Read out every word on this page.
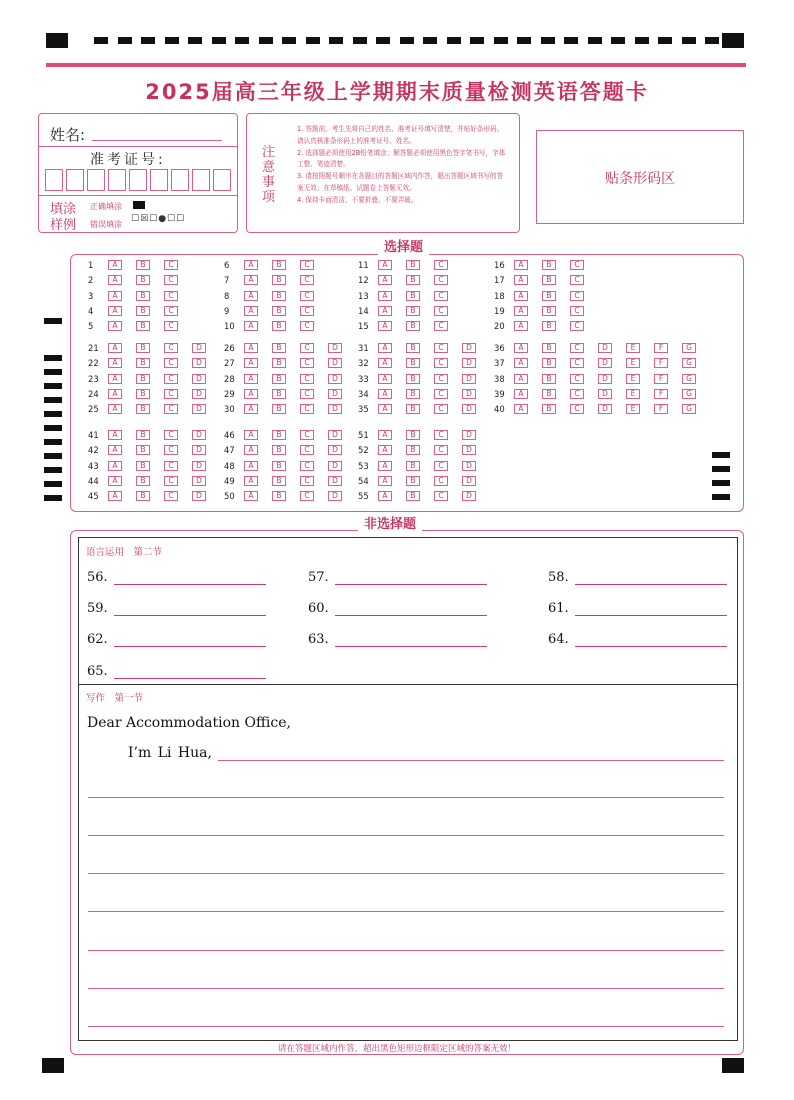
2025届高三年级上学期期末质量检测英语答题卡
姓名:
准考证号:
填涂
样例
正确填涂
错误填涂
☐☒☐●☐☐
注意事项
1. 答题前，考生先将自己的姓名、准考证号填写清楚，并贴好条形码。请认真核准条形码上的准考证号、姓名。
2. 选择题必须使用2B铅笔填涂；解答题必须使用黑色签字笔书写，字体工整、笔迹清楚。
3. 请按照题号顺序在各题目的答题区域内作答，超出答题区域书写的答案无效；在草稿纸、试题卷上答题无效。
4. 保持卡面清洁，不要折叠、不要弄破。
贴条形码区
选择题
1	A	B	C
2	A	B	C
3	A	B	C
4	A	B	C
5	A	B	C
6	A	B	C
7	A	B	C
8	A	B	C
9	A	B	C
10	A	B	C
11	A	B	C
12	A	B	C
13	A	B	C
14	A	B	C
15	A	B	C
16	A	B	C
17	A	B	C
18	A	B	C
19	A	B	C
20	A	B	C
21	A	B	C	D
22	A	B	C	D
23	A	B	C	D
24	A	B	C	D
25	A	B	C	D
26	A	B	C	D
27	A	B	C	D
28	A	B	C	D
29	A	B	C	D
30	A	B	C	D
31	A	B	C	D
32	A	B	C	D
33	A	B	C	D
34	A	B	C	D
35	A	B	C	D
36	A	B	C	D	E	F	G
37	A	B	C	D	E	F	G
38	A	B	C	D	E	F	G
39	A	B	C	D	E	F	G
40	A	B	C	D	E	F	G
41	A	B	C	D
42	A	B	C	D
43	A	B	C	D
44	A	B	C	D
45	A	B	C	D
46	A	B	C	D
47	A	B	C	D
48	A	B	C	D
49	A	B	C	D
50	A	B	C	D
51	A	B	C	D
52	A	B	C	D
53	A	B	C	D
54	A	B	C	D
55	A	B	C	D
非选择题
语言运用　第二节
56.	57.	58.
59.	60.	61.
62.	63.	64.
65.
写作　第一节
Dear Accommodation Office,
I’m Li Hua,
请在答题区域内作答，超出黑色矩形边框限定区域的答案无效！
